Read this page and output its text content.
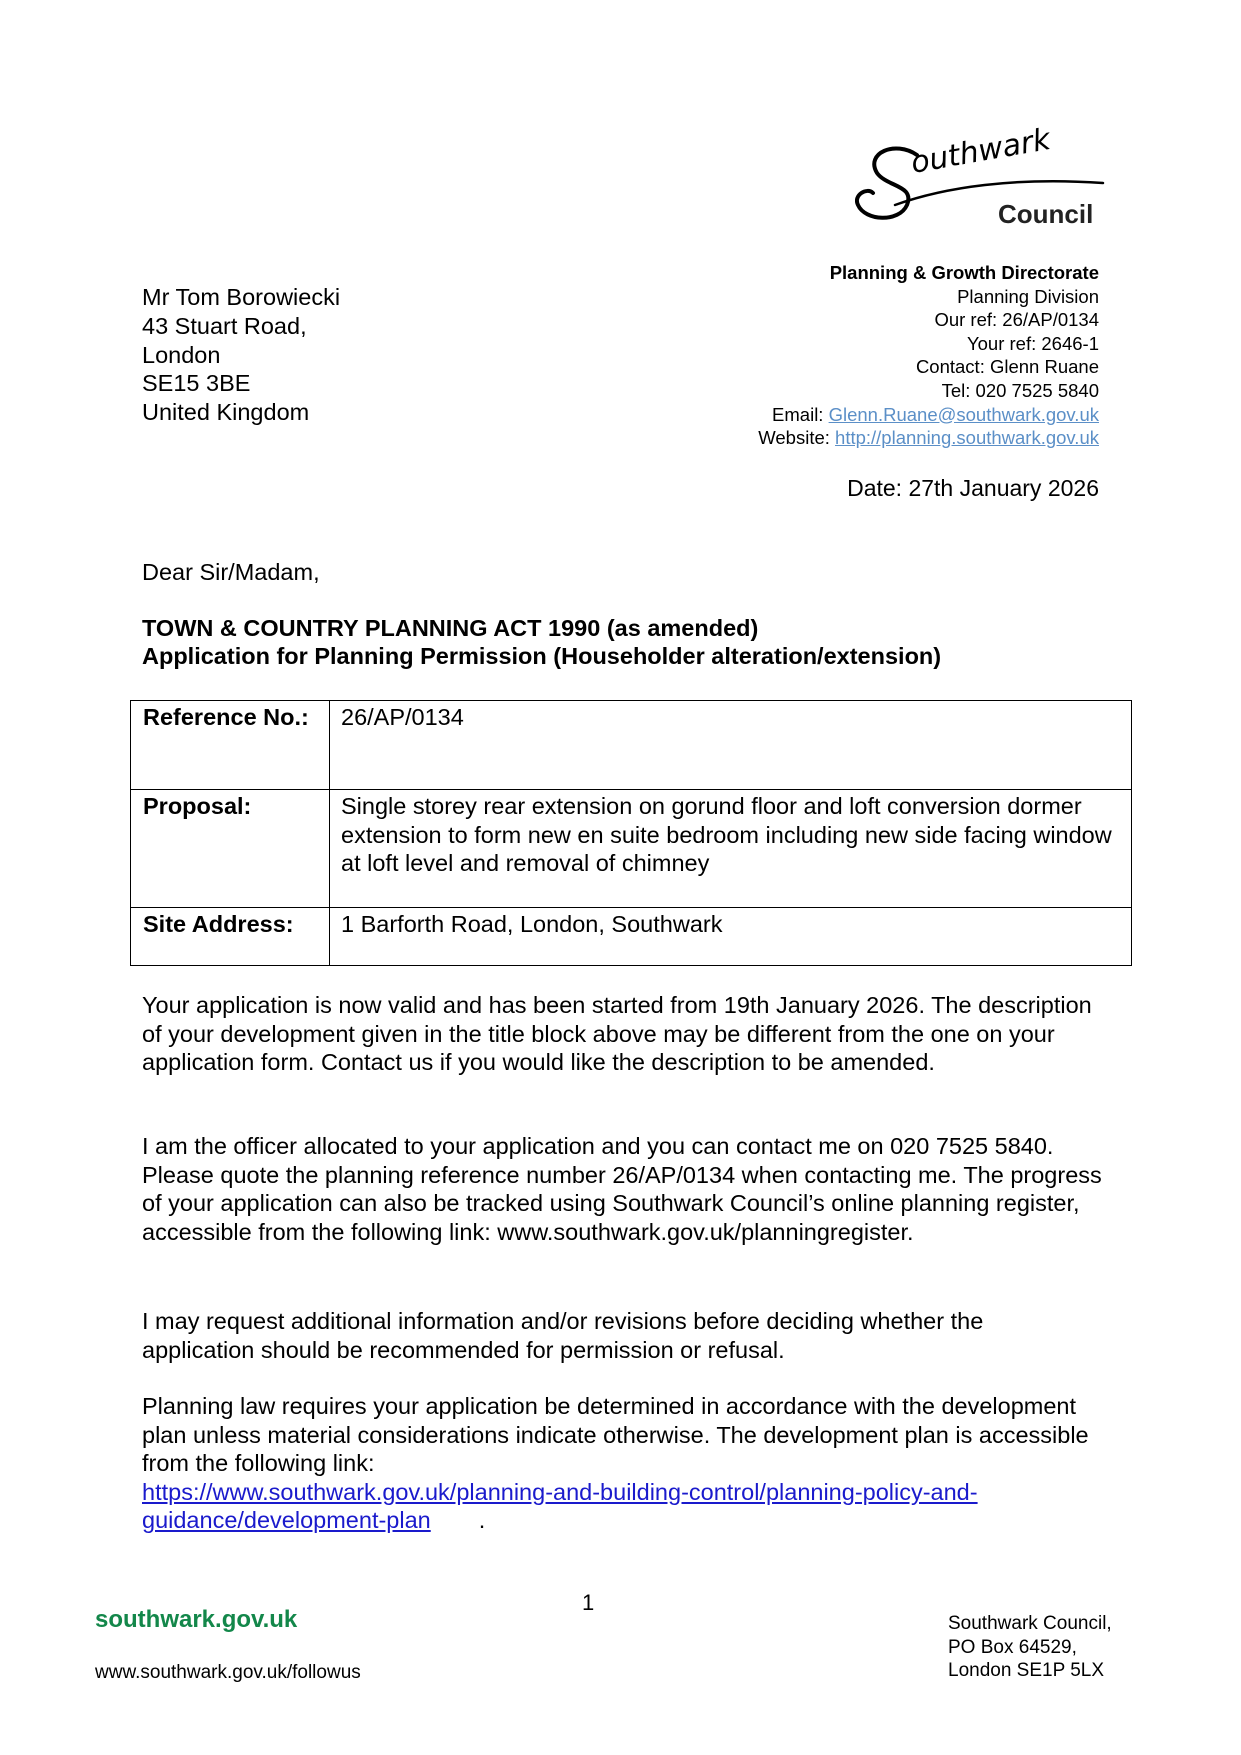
outhwark
Council
Planning & Growth Directorate
Planning Division
Our ref: 26/AP/0134
Your ref: 2646-1
Contact: Glenn Ruane
Tel: 020 7525 5840
Email: Glenn.Ruane@southwark.gov.uk
Website: http://planning.southwark.gov.uk
Date: 27th January 2026
Mr Tom Borowiecki
43 Stuart Road,
London
SE15 3BE
United Kingdom
Dear Sir/Madam,
TOWN & COUNTRY PLANNING ACT 1990 (as amended)
Application for Planning Permission (Householder alteration/extension)
Reference No.:	26/AP/0134
Proposal:	Single storey rear extension on gorund floor and loft conversion dormer extension to form new en suite bedroom including new side facing window at loft level and removal of chimney
Site Address:	1 Barforth Road, London, Southwark

Your application is now valid and has been started from 19th January 2026. The description of your development given in the title block above may be different from the one on your application form. Contact us if you would like the description to be amended.

I am the officer allocated to your application and you can contact me on 020 7525 5840. Please quote the planning reference number 26/AP/0134 when contacting me. The progress of your application can also be tracked using Southwark Council’s online planning register, accessible from the following link: www.southwark.gov.uk/planningregister.

I may request additional information and/or revisions before deciding whether the application should be recommended for permission or refusal.

Planning law requires your application be determined in accordance with the development plan unless material considerations indicate otherwise. The development plan is accessible from the following link:

https://www.southwark.gov.uk/planning-and-building-control/planning-policy-and-
guidance/development-plan .
1
southwark.gov.uk
www.southwark.gov.uk/followus
Southwark Council,
PO Box 64529,
London SE1P 5LX
